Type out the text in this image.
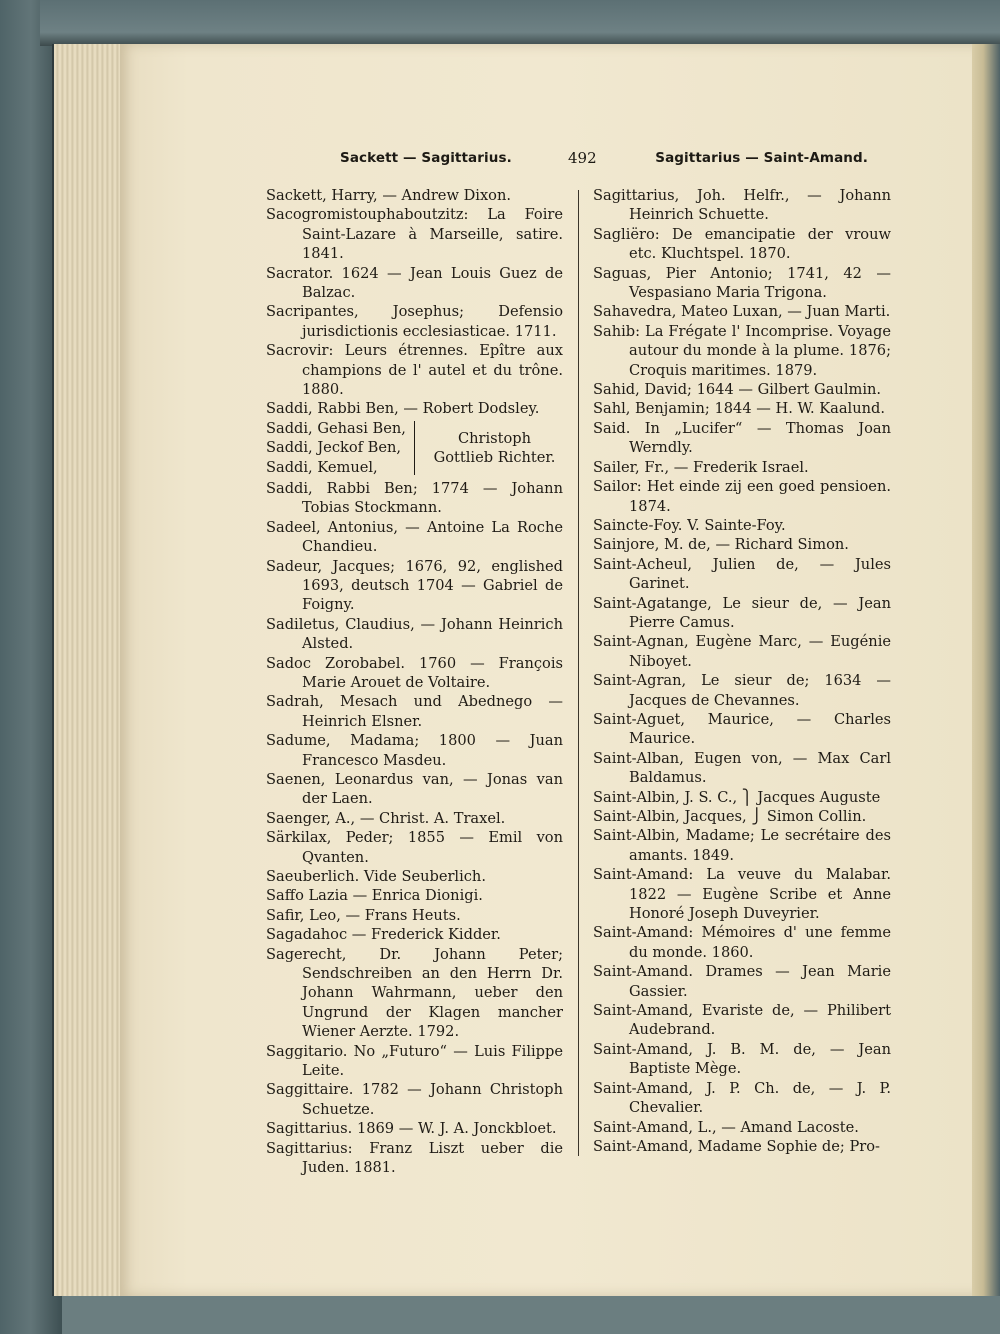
Sackett — Sagittarius.	492	Sagittarius — Saint-Amand.

Sackett, Harry, — Andrew Dixon.

Sacogromistouphaboutzitz: La Foire Saint-Lazare à Marseille, satire. 1841.

Sacrator. 1624 — Jean Louis Guez de Balzac.

Sacripantes, Josephus; Defensio jurisdictionis ecclesiasticae. 1711.

Sacrovir: Leurs étrennes. Epître aux champions de l' autel et du trône. 1880.

Saddi, Rabbi Ben, — Robert Dodsley.

Saddi, Gehasi Ben,
Saddi, Jeckof Ben,
Saddi, Kemuel,
Christoph Gottlieb Richter.

Saddi, Rabbi Ben; 1774 — Johann Tobias Stockmann.

Sadeel, Antonius, — Antoine La Roche Chandieu.

Sadeur, Jacques; 1676, 92, englished 1693, deutsch 1704 — Gabriel de Foigny.

Sadiletus, Claudius, — Johann Heinrich Alsted.

Sadoc Zorobabel. 1760 — François Marie Arouet de Voltaire.

Sadrah, Mesach und Abednego — Heinrich Elsner.

Sadume, Madama; 1800 — Juan Francesco Masdeu.

Saenen, Leonardus van, — Jonas van der Laen.

Saenger, A., — Christ. A. Traxel.

Särkilax, Peder; 1855 — Emil von Qvanten.

Saeuberlich. Vide Seuberlich.

Saffo Lazia — Enrica Dionigi.

Safir, Leo, — Frans Heuts.

Sagadahoc — Frederick Kidder.

Sagerecht, Dr. Johann Peter; Sendschreiben an den Herrn Dr. Johann Wahrmann, ueber den Ungrund der Klagen mancher Wiener Aerzte. 1792.

Saggitario. No „Futuro“ — Luis Filippe Leite.

Saggittaire. 1782 — Johann Christoph Schuetze.

Sagittarius. 1869 — W. J. A. Jonckbloet.

Sagittarius: Franz Liszt ueber die Juden. 1881.

Sagittarius, Joh. Helfr., — Johann Heinrich Schuette.

Sagliëro: De emancipatie der vrouw etc. Kluchtspel. 1870.

Saguas, Pier Antonio; 1741, 42 — Vespasiano Maria Trigona.

Sahavedra, Mateo Luxan, — Juan Marti.

Sahib: La Frégate l' Incomprise. Voyage autour du monde à la plume. 1876; Croquis maritimes. 1879.

Sahid, David; 1644 — Gilbert Gaulmin.

Sahl, Benjamin; 1844 — H. W. Kaalund.

Said. In „Lucifer“ — Thomas Joan Werndly.

Sailer, Fr., — Frederik Israel.

Sailor: Het einde zij een goed pensioen. 1874.

Saincte-Foy. V. Sainte-Foy.

Sainjore, M. de, — Richard Simon.

Saint-Acheul, Julien de, — Jules Garinet.

Saint-Agatange, Le sieur de, — Jean Pierre Camus.

Saint-Agnan, Eugène Marc, — Eugénie Niboyet.

Saint-Agran, Le sieur de; 1634 — Jacques de Chevannes.

Saint-Aguet, Maurice, — Charles Maurice.

Saint-Alban, Eugen von, — Max Carl Baldamus.

Saint-Albin, J. S. C., ⎫ Jacques Auguste

Saint-Albin, Jacques, ⎭ Simon Collin.

Saint-Albin, Madame; Le secrétaire des amants. 1849.

Saint-Amand: La veuve du Malabar. 1822 — Eugène Scribe et Anne Honoré Joseph Duveyrier.

Saint-Amand: Mémoires d' une femme du monde. 1860.

Saint-Amand. Drames — Jean Marie Gassier.

Saint-Amand, Evariste de, — Philibert Audebrand.

Saint-Amand, J. B. M. de, — Jean Baptiste Mège.

Saint-Amand, J. P. Ch. de, — J. P. Chevalier.

Saint-Amand, L., — Amand Lacoste.

Saint-Amand, Madame Sophie de; Pro-
